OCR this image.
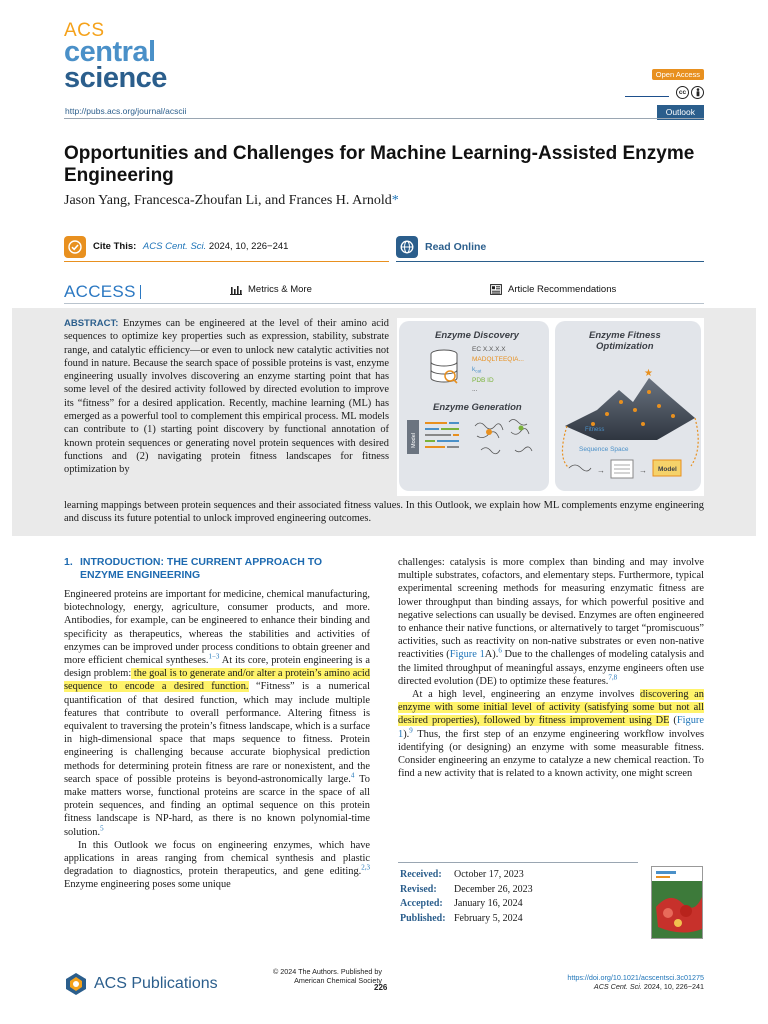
ACS
central
science
http://pubs.acs.org/journal/acscii
Open Access
cc
Outlook
Opportunities and Challenges for Machine Learning-Assisted Enzyme Engineering
Jason Yang, Francesca-Zhoufan Li, and Frances H. Arnold*
Cite This: ACS Cent. Sci. 2024, 10, 226−241	Read Online
ACCESS	Metrics & More	Article Recommendations

ABSTRACT: Enzymes can be engineered at the level of their amino acid sequences to optimize key properties such as expression, stability, substrate range, and catalytic efficiency—or even to unlock new catalytic activities not found in nature. Because the search space of possible proteins is vast, enzyme engineering usually involves discovering an enzyme starting point that has some level of the desired activity followed by directed evolution to improve its “fitness” for a desired application. Recently, machine learning (ML) has emerged as a powerful tool to complement this empirical process. ML models can contribute to (1) starting point discovery by functional annotation of known protein sequences or generating novel protein sequences with desired functions and (2) navigating protein fitness landscapes for fitness optimization by

learning mappings between protein sequences and their associated fitness values. In this Outlook, we explain how ML complements enzyme engineering and discuss its future potential to unlock improved engineering outcomes.

Enzyme Discovery
EC X.X.X.X
MADQLTEEQIA...
$k_{cat}$
PDB ID
...
Enzyme Generation
Model
Enzyme Fitness
Optimization
★
Fitness
Sequence Space
→	→ Model
1. INTRODUCTION: THE CURRENT APPROACH TO
ENZYME ENGINEERING

Engineered proteins are important for medicine, chemical manufacturing, biotechnology, energy, agriculture, consumer products, and more. Antibodies, for example, can be engineered to enhance their binding and specificity as therapeutics, whereas the stabilities and activities of enzymes can be improved under process conditions to obtain greener and more efficient chemical syntheses.$^{1-3}$ At its core, protein engineering is a design problem: the goal is to generate and/or alter a protein’s amino acid sequence to encode a desired function. “Fitness” is a numerical quantification of that desired function, which may include multiple features that contribute to overall performance. Altering fitness is equivalent to traversing the protein’s fitness landscape, which is a surface in high-dimensional space that maps sequence to fitness. Protein engineering is challenging because accurate biophysical prediction methods for determining protein fitness are rare or nonexistent, and the search space of possible proteins is beyond-astronomically large.$^4$ To make matters worse, functional proteins are scarce in the space of all protein sequences, and finding an optimal sequence on this protein fitness landscape is NP-hard, as there is no known polynomial-time solution.$^5$

In this Outlook we focus on engineering enzymes, which have applications in areas ranging from chemical synthesis and plastic degradation to diagnostics, protein therapeutics, and gene editing.$^{2,3}$ Enzyme engineering poses some unique

challenges: catalysis is more complex than binding and may involve multiple substrates, cofactors, and elementary steps. Furthermore, typical experimental screening methods for measuring enzymatic fitness are lower throughput than binding assays, for which powerful positive and negative selections can usually be devised. Enzymes are often engineered to enhance their native functions, or alternatively to target “promiscuous” activities, such as reactivity on non-native substrates or even non-native reactivities (Figure 1A).$^6$ Due to the challenges of modeling catalysis and the limited throughput of meaningful assays, enzyme engineers often use directed evolution (DE) to optimize these features.$^{7,8}$

At a high level, engineering an enzyme involves discovering an enzyme with some initial level of activity (satisfying some but not all desired properties), followed by fitness improvement using DE (Figure 1).$^9$ Thus, the first step of an enzyme engineering workflow involves identifying (or designing) an enzyme with some measurable fitness. Consider engineering an enzyme to catalyze a new chemical reaction. To find a new activity that is related to a known activity, one might screen

Received: October 17, 2023
Revised: December 26, 2023
Accepted: January 16, 2024
Published: February 5, 2024
ACS Publications
© 2024 The Authors. Published by
American Chemical Society
226
https://doi.org/10.1021/acscentsci.3c01275
ACS Cent. Sci. 2024, 10, 226−241
